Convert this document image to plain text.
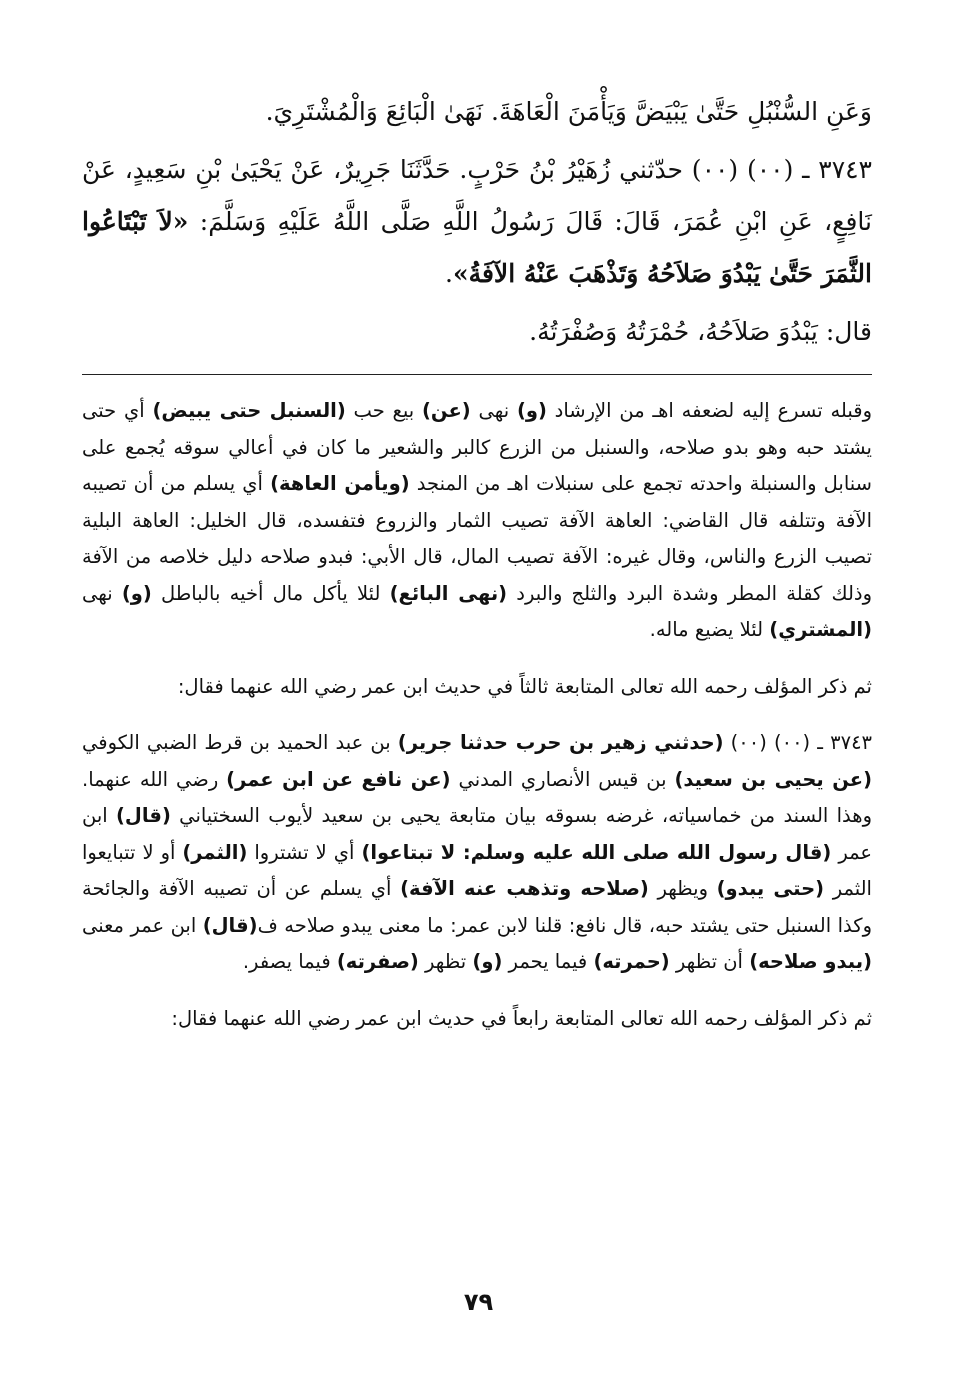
وَعَنِ السُّنْبُلِ حَتَّىٰ يَبْيَضَّ وَيَأْمَنَ الْعَاهَةَ. نَهَىٰ الْبَائِعَ وَالْمُشْتَرِيَ.

٣٧٤٣ ـ (٠٠) (٠٠) حدّثني زُهَيْرُ بْنُ حَرْبٍ. حَدَّثَنَا جَرِيرٌ، عَنْ يَحْيَىٰ بْنِ سَعِيدٍ، عَنْ نَافِعٍ، عَنِ ابْنِ عُمَرَ، قَالَ: قَالَ رَسُولُ اللَّهِ صَلَّى اللَّهُ عَلَيْهِ وَسَلَّمَ: «لاَ تَبْتَاعُوا الثَّمَرَ حَتَّىٰ يَبْدُوَ صَلاَحُهُ وَتَذْهَبَ عَنْهُ الآفَةُ».

قال: يَبْدُوَ صَلاَحُهُ، حُمْرَتُهُ وَصُفْرَتُهُ.

وقبله تسرع إليه لضعفه اهـ من الإرشاد (و) نهى (عن) بيع حب (السنبل حتى يبيض) أي حتى يشتد حبه وهو بدو صلاحه، والسنبل من الزرع كالبر والشعير ما كان في أعالي سوقه يُجمع على سنابل والسنبلة واحدته تجمع على سنبلات اهـ من المنجد (ويأمن العاهة) أي يسلم من أن تصيبه الآفة وتتلفه قال القاضي: العاهة الآفة تصيب الثمار والزروع فتفسده، قال الخليل: العاهة البلية تصيب الزرع والناس، وقال غيره: الآفة تصيب المال، قال الأبي: فبدو صلاحه دليل خلاصه من الآفة وذلك كقلة المطر وشدة البرد والثلج والبرد (نهى البائع) لئلا يأكل مال أخيه بالباطل (و) نهى (المشتري) لئلا يضيع ماله.

ثم ذكر المؤلف رحمه الله تعالى المتابعة ثالثاً في حديث ابن عمر رضي الله عنهما فقال:

٣٧٤٣ ـ (٠٠) (٠٠) (حدثني زهير بن حرب حدثنا جرير) بن عبد الحميد بن قرط الضبي الكوفي (عن يحيى بن سعيد) بن قيس الأنصاري المدني (عن نافع عن ابن عمر) رضي الله عنهما. وهذا السند من خماسياته، غرضه بسوقه بيان متابعة يحيى بن سعيد لأيوب السختياني (قال) ابن عمر (قال رسول الله صلى الله عليه وسلم: لا تبتاعوا) أي لا تشتروا (الثمر) أو لا تتبايعوا الثمر (حتى يبدو) ويظهر (صلاحه وتذهب عنه الآفة) أي يسلم عن أن تصيبه الآفة والجائحة وكذا السنبل حتى يشتد حبه، قال نافع: قلنا لابن عمر: ما معنى يبدو صلاحه ف(قال) ابن عمر معنى (يبدو صلاحه) أن تظهر (حمرته) فيما يحمر (و) تظهر (صفرته) فيما يصفر.

ثم ذكر المؤلف رحمه الله تعالى المتابعة رابعاً في حديث ابن عمر رضي الله عنهما فقال:

٧٩
